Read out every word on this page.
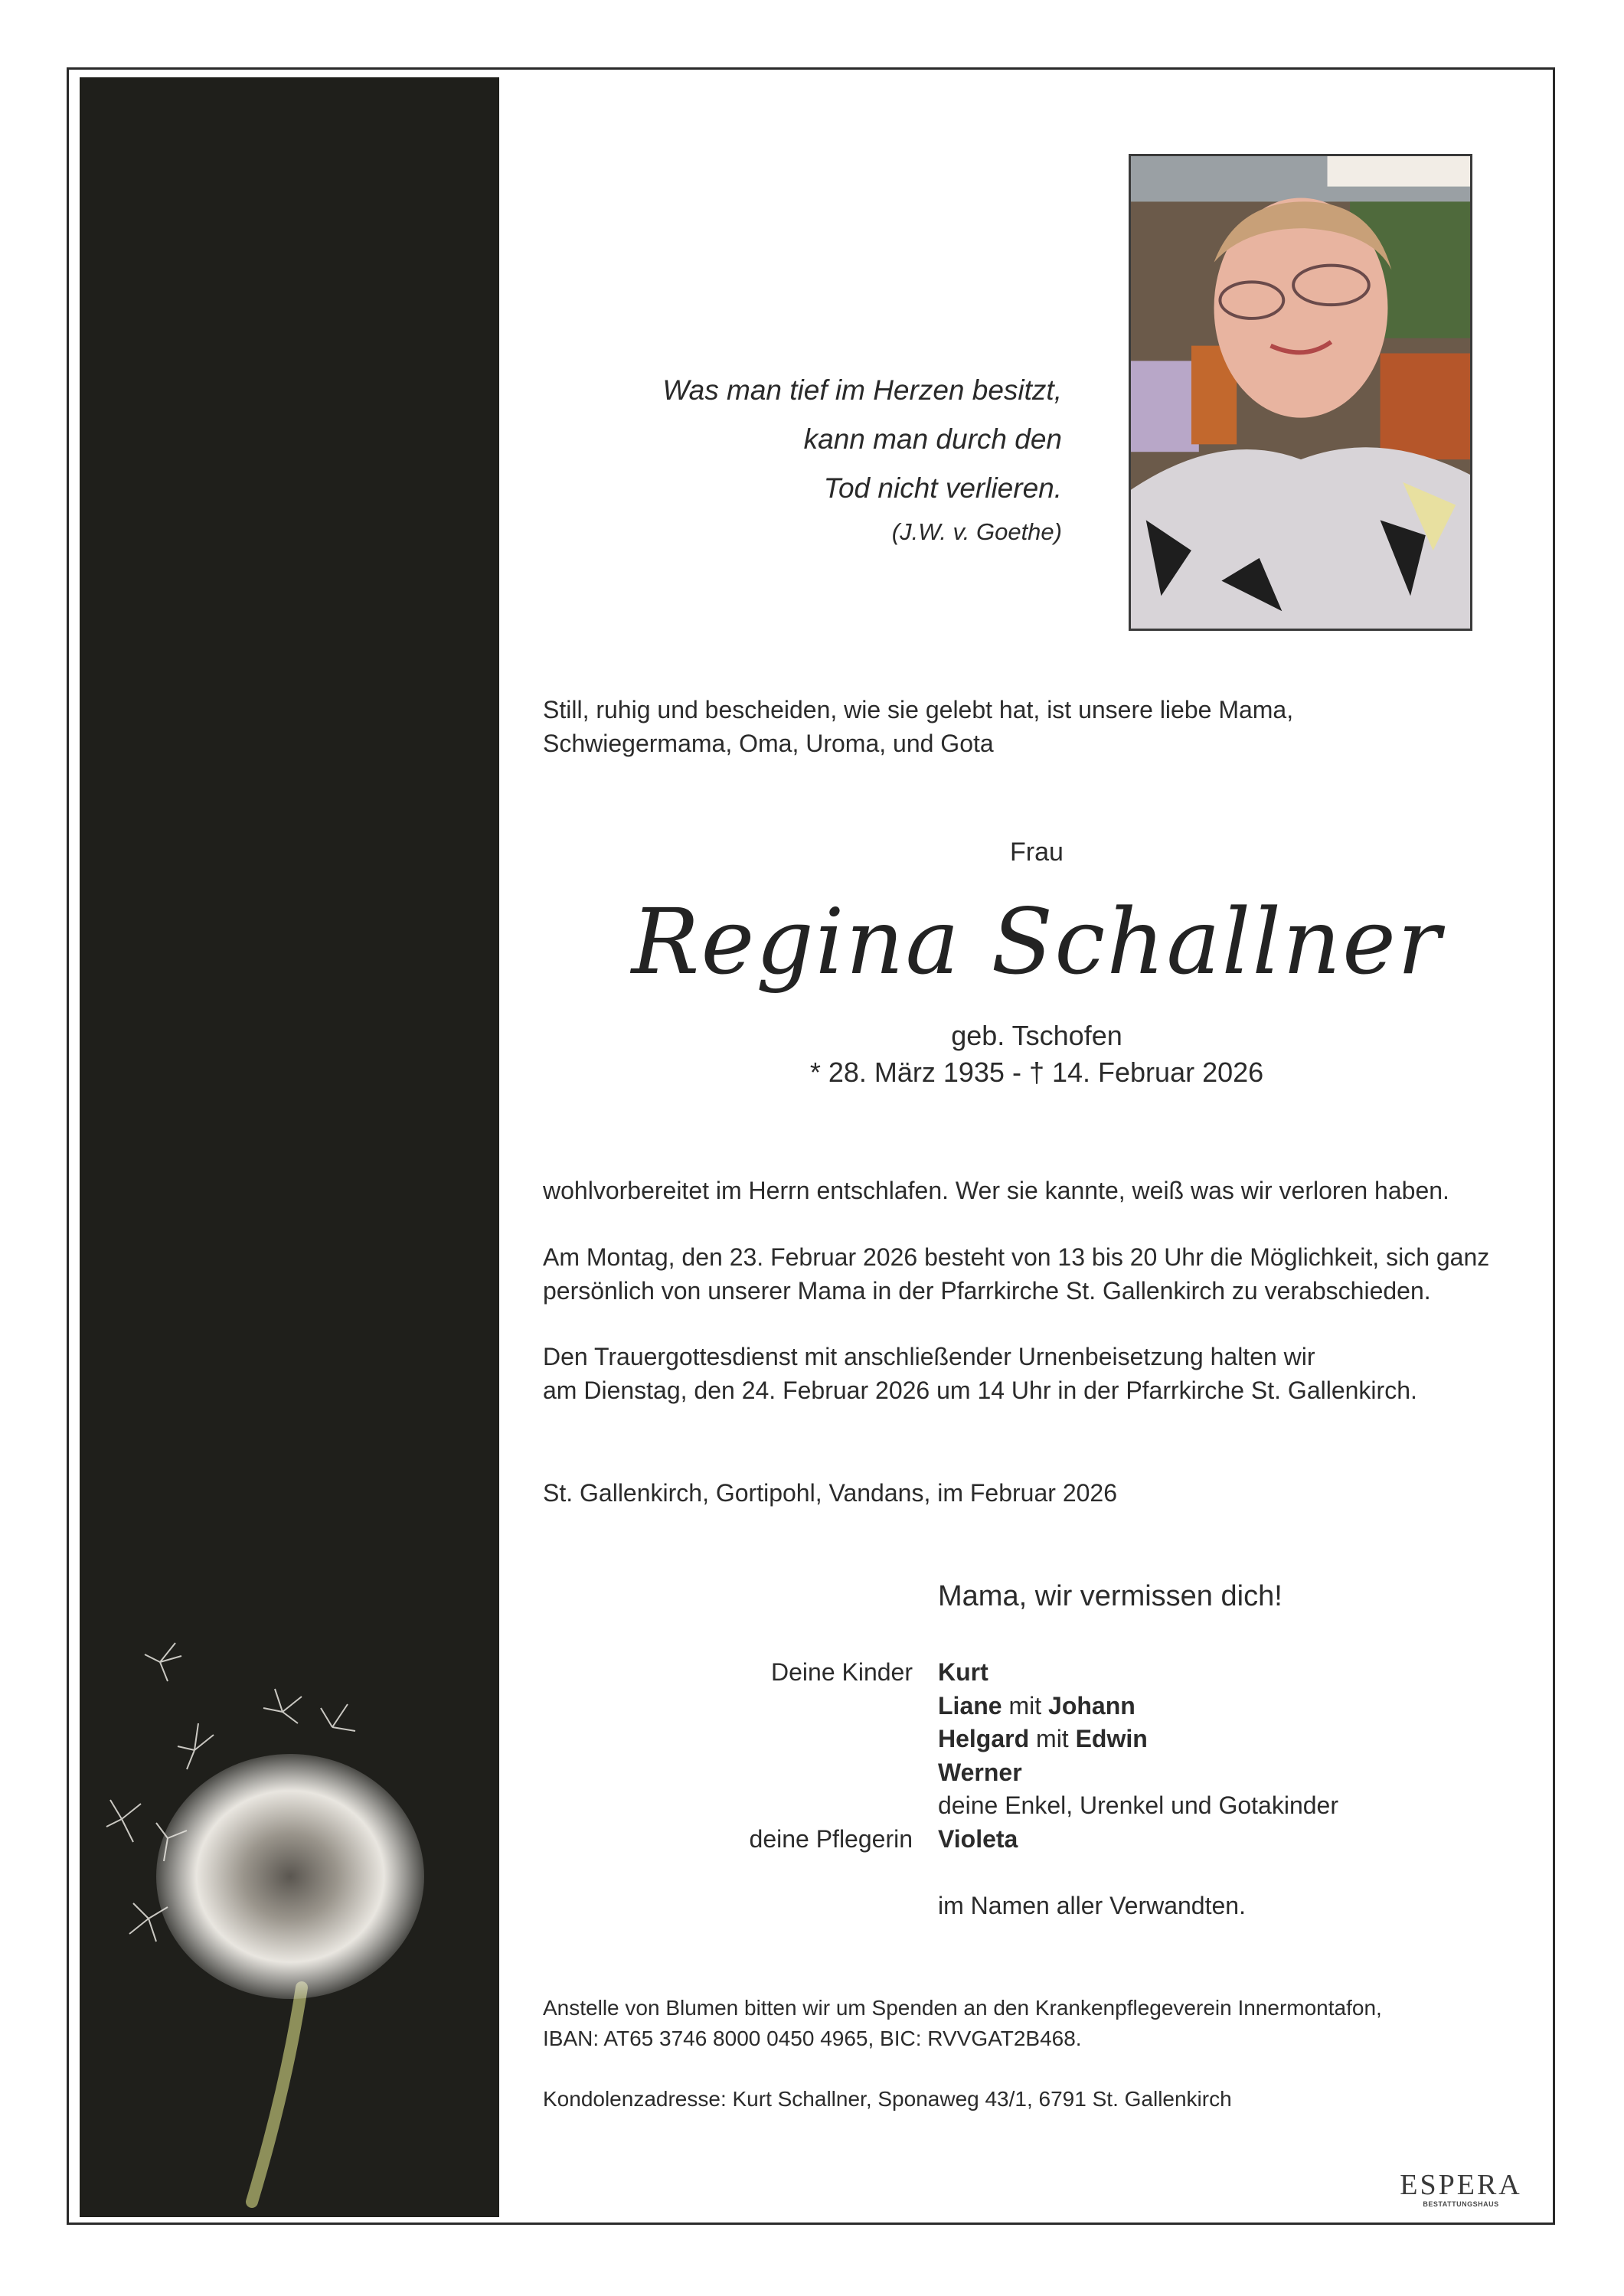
Was man tief im Herzen besitzt,
kann man durch den
Tod nicht verlieren.
(J.W. v. Goethe)
Still, ruhig und bescheiden, wie sie gelebt hat, ist unsere liebe Mama,
Schwiegermama, Oma, Uroma, und Gota
Frau
Regina Schallner
geb. Tschofen
* 28. März 1935 - † 14. Februar 2026
wohlvorbereitet im Herrn entschlafen. Wer sie kannte, weiß was wir verloren haben.
Am Montag, den 23. Februar 2026 besteht von 13 bis 20 Uhr die Möglichkeit, sich ganz
persönlich von unserer Mama in der Pfarrkirche St. Gallenkirch zu verabschieden.
Den Trauergottesdienst mit anschließender Urnenbeisetzung halten wir
am Dienstag, den 24. Februar 2026 um 14 Uhr in der Pfarrkirche St. Gallenkirch.
St. Gallenkirch, Gortipohl, Vandans, im Februar 2026
Mama, wir vermissen dich!
Deine Kinder
deine Pflegerin
Kurt
Liane mit Johann
Helgard mit Edwin
Werner
deine Enkel, Urenkel und Gotakinder
Violeta
im Namen aller Verwandten.
Anstelle von Blumen bitten wir um Spenden an den Krankenpflegeverein Innermontafon,
IBAN: AT65 3746 8000 0450 4965, BIC: RVVGAT2B468.
Kondolenzadresse: Kurt Schallner, Sponaweg 43/1, 6791 St. Gallenkirch
ESPERA
BESTATTUNGSHAUS
